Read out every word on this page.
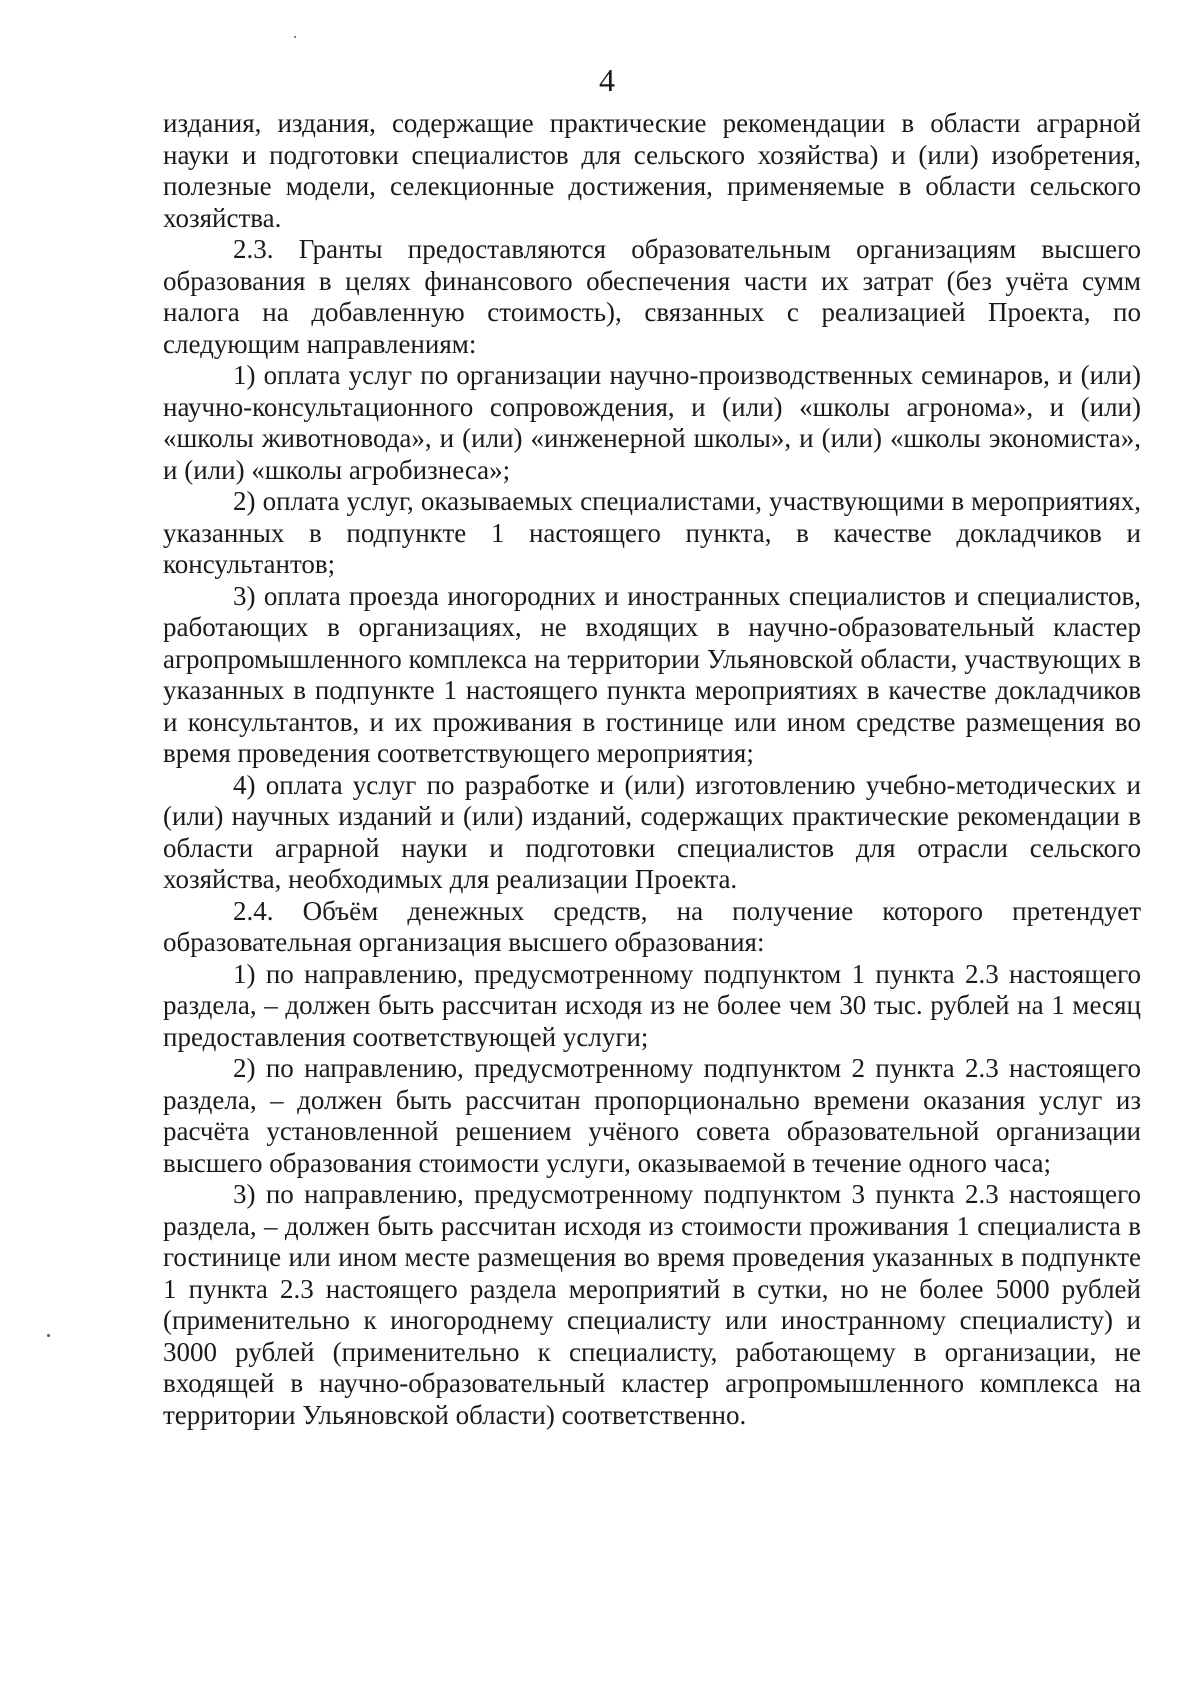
4

издания, издания, содержащие практические рекомендации в области аграрной науки и подготовки специалистов для сельского хозяйства) и (или) изобретения, полезные модели, селекционные достижения, применяемые в области сельского хозяйства.

2.3. Гранты предоставляются образовательным организациям высшего образования в целях финансового обеспечения части их затрат (без учёта сумм налога на добавленную стоимость), связанных с реализацией Проекта, по следующим направлениям:

1) оплата услуг по организации научно-производственных семинаров, и (или) научно-консультационного сопровождения, и (или) «школы агронома», и (или) «школы животновода», и (или) «инженерной школы», и (или) «школы экономиста», и (или) «школы агробизнеса»;

2) оплата услуг, оказываемых специалистами, участвующими в мероприятиях, указанных в подпункте 1 настоящего пункта, в качестве докладчиков и консультантов;

3) оплата проезда иногородних и иностранных специалистов и специалистов, работающих в организациях, не входящих в научно-образовательный кластер агропромышленного комплекса на территории Ульяновской области, участвующих в указанных в подпункте 1 настоящего пункта мероприятиях в качестве докладчиков и консультантов, и их проживания в гостинице или ином средстве размещения во время проведения соответствующего мероприятия;

4) оплата услуг по разработке и (или) изготовлению учебно-методических и (или) научных изданий и (или) изданий, содержащих практические рекомендации в области аграрной науки и подготовки специалистов для отрасли сельского хозяйства, необходимых для реализации Проекта.

2.4. Объём денежных средств, на получение которого претендует образовательная организация высшего образования:

1) по направлению, предусмотренному подпунктом 1 пункта 2.3 настоящего раздела, – должен быть рассчитан исходя из не более чем 30 тыс. рублей на 1 месяц предоставления соответствующей услуги;

2) по направлению, предусмотренному подпунктом 2 пункта 2.3 настоящего раздела, – должен быть рассчитан пропорционально времени оказания услуг из расчёта установленной решением учёного совета образовательной организации высшего образования стоимости услуги, оказываемой в течение одного часа;

3) по направлению, предусмотренному подпунктом 3 пункта 2.3 настоящего раздела, – должен быть рассчитан исходя из стоимости проживания 1 специалиста в гостинице или ином месте размещения во время проведения указанных в подпункте 1 пункта 2.3 настоящего раздела мероприятий в сутки, но не более 5000 рублей (применительно к иногороднему специалисту или иностранному специалисту) и 3000 рублей (применительно к специалисту, работающему в организации, не входящей в научно-образовательный кластер агропромышленного комплекса на территории Ульяновской области) соответственно.
